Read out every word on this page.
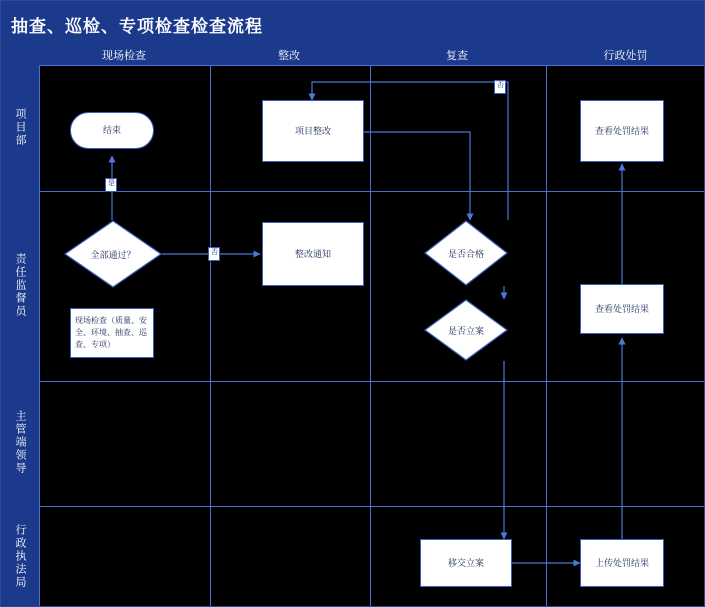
抽查、巡检、专项检查检查流程
现场检查	整改	复查	行政处罚
项目部
责任监督员
主管端领导
行政执法局
结束	项目整改	查看处罚结果
全部通过？	整改通知	是否合格
是否立案
查看处罚结果
现场检查（质量、安全、环境、抽查、巡查、专项）
移交立案	上传处罚结果
是
否
否
